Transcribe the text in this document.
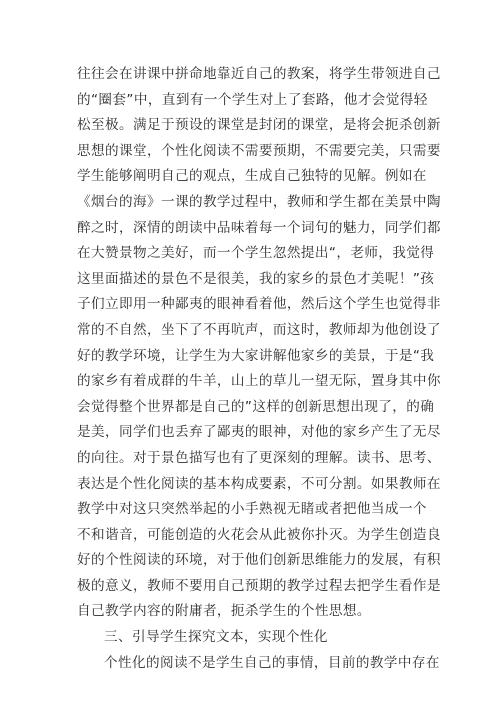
往往会在讲课中拼命地靠近自己的教案，将学生带领进自己
的“圈套”中，直到有一个学生对上了套路，他才会觉得轻
松至极。满足于预设的课堂是封闭的课堂，是将会扼杀创新
思想的课堂，个性化阅读不需要预期，不需要完美，只需要
学生能够阐明自己的观点，生成自己独特的见解。例如在
《烟台的海》一课的教学过程中，教师和学生都在美景中陶
醉之时，深情的朗读中品味着每一个词句的魅力，同学们都
在大赞景物之美好，而一个学生忽然提出“，老师，我觉得
这里面描述的景色不是很美，我的家乡的景色才美呢！”孩
子们立即用一种鄙夷的眼神看着他，然后这个学生也觉得非
常的不自然，坐下了不再吭声，而这时，教师却为他创设了
好的教学环境，让学生为大家讲解他家乡的美景，于是“我
的家乡有着成群的牛羊，山上的草儿一望无际，置身其中你
会觉得整个世界都是自己的”这样的创新思想出现了，的确
是美，同学们也丢弃了鄙夷的眼神，对他的家乡产生了无尽
的向往。对于景色描写也有了更深刻的理解。读书、思考、
表达是个性化阅读的基本构成要素，不可分割。如果教师在
教学中对这只突然举起的小手熟视无睹或者把他当成一个
不和谐音，可能创造的火花会从此被你扑灭。为学生创造良
好的个性阅读的环境，对于他们创新思维能力的发展，有积
极的意义，教师不要用自己预期的教学过程去把学生看作是
自己教学内容的附庸者，扼杀学生的个性思想。
三、引导学生探究文本，实现个性化
个性化的阅读不是学生自己的事情，目前的教学中存在
